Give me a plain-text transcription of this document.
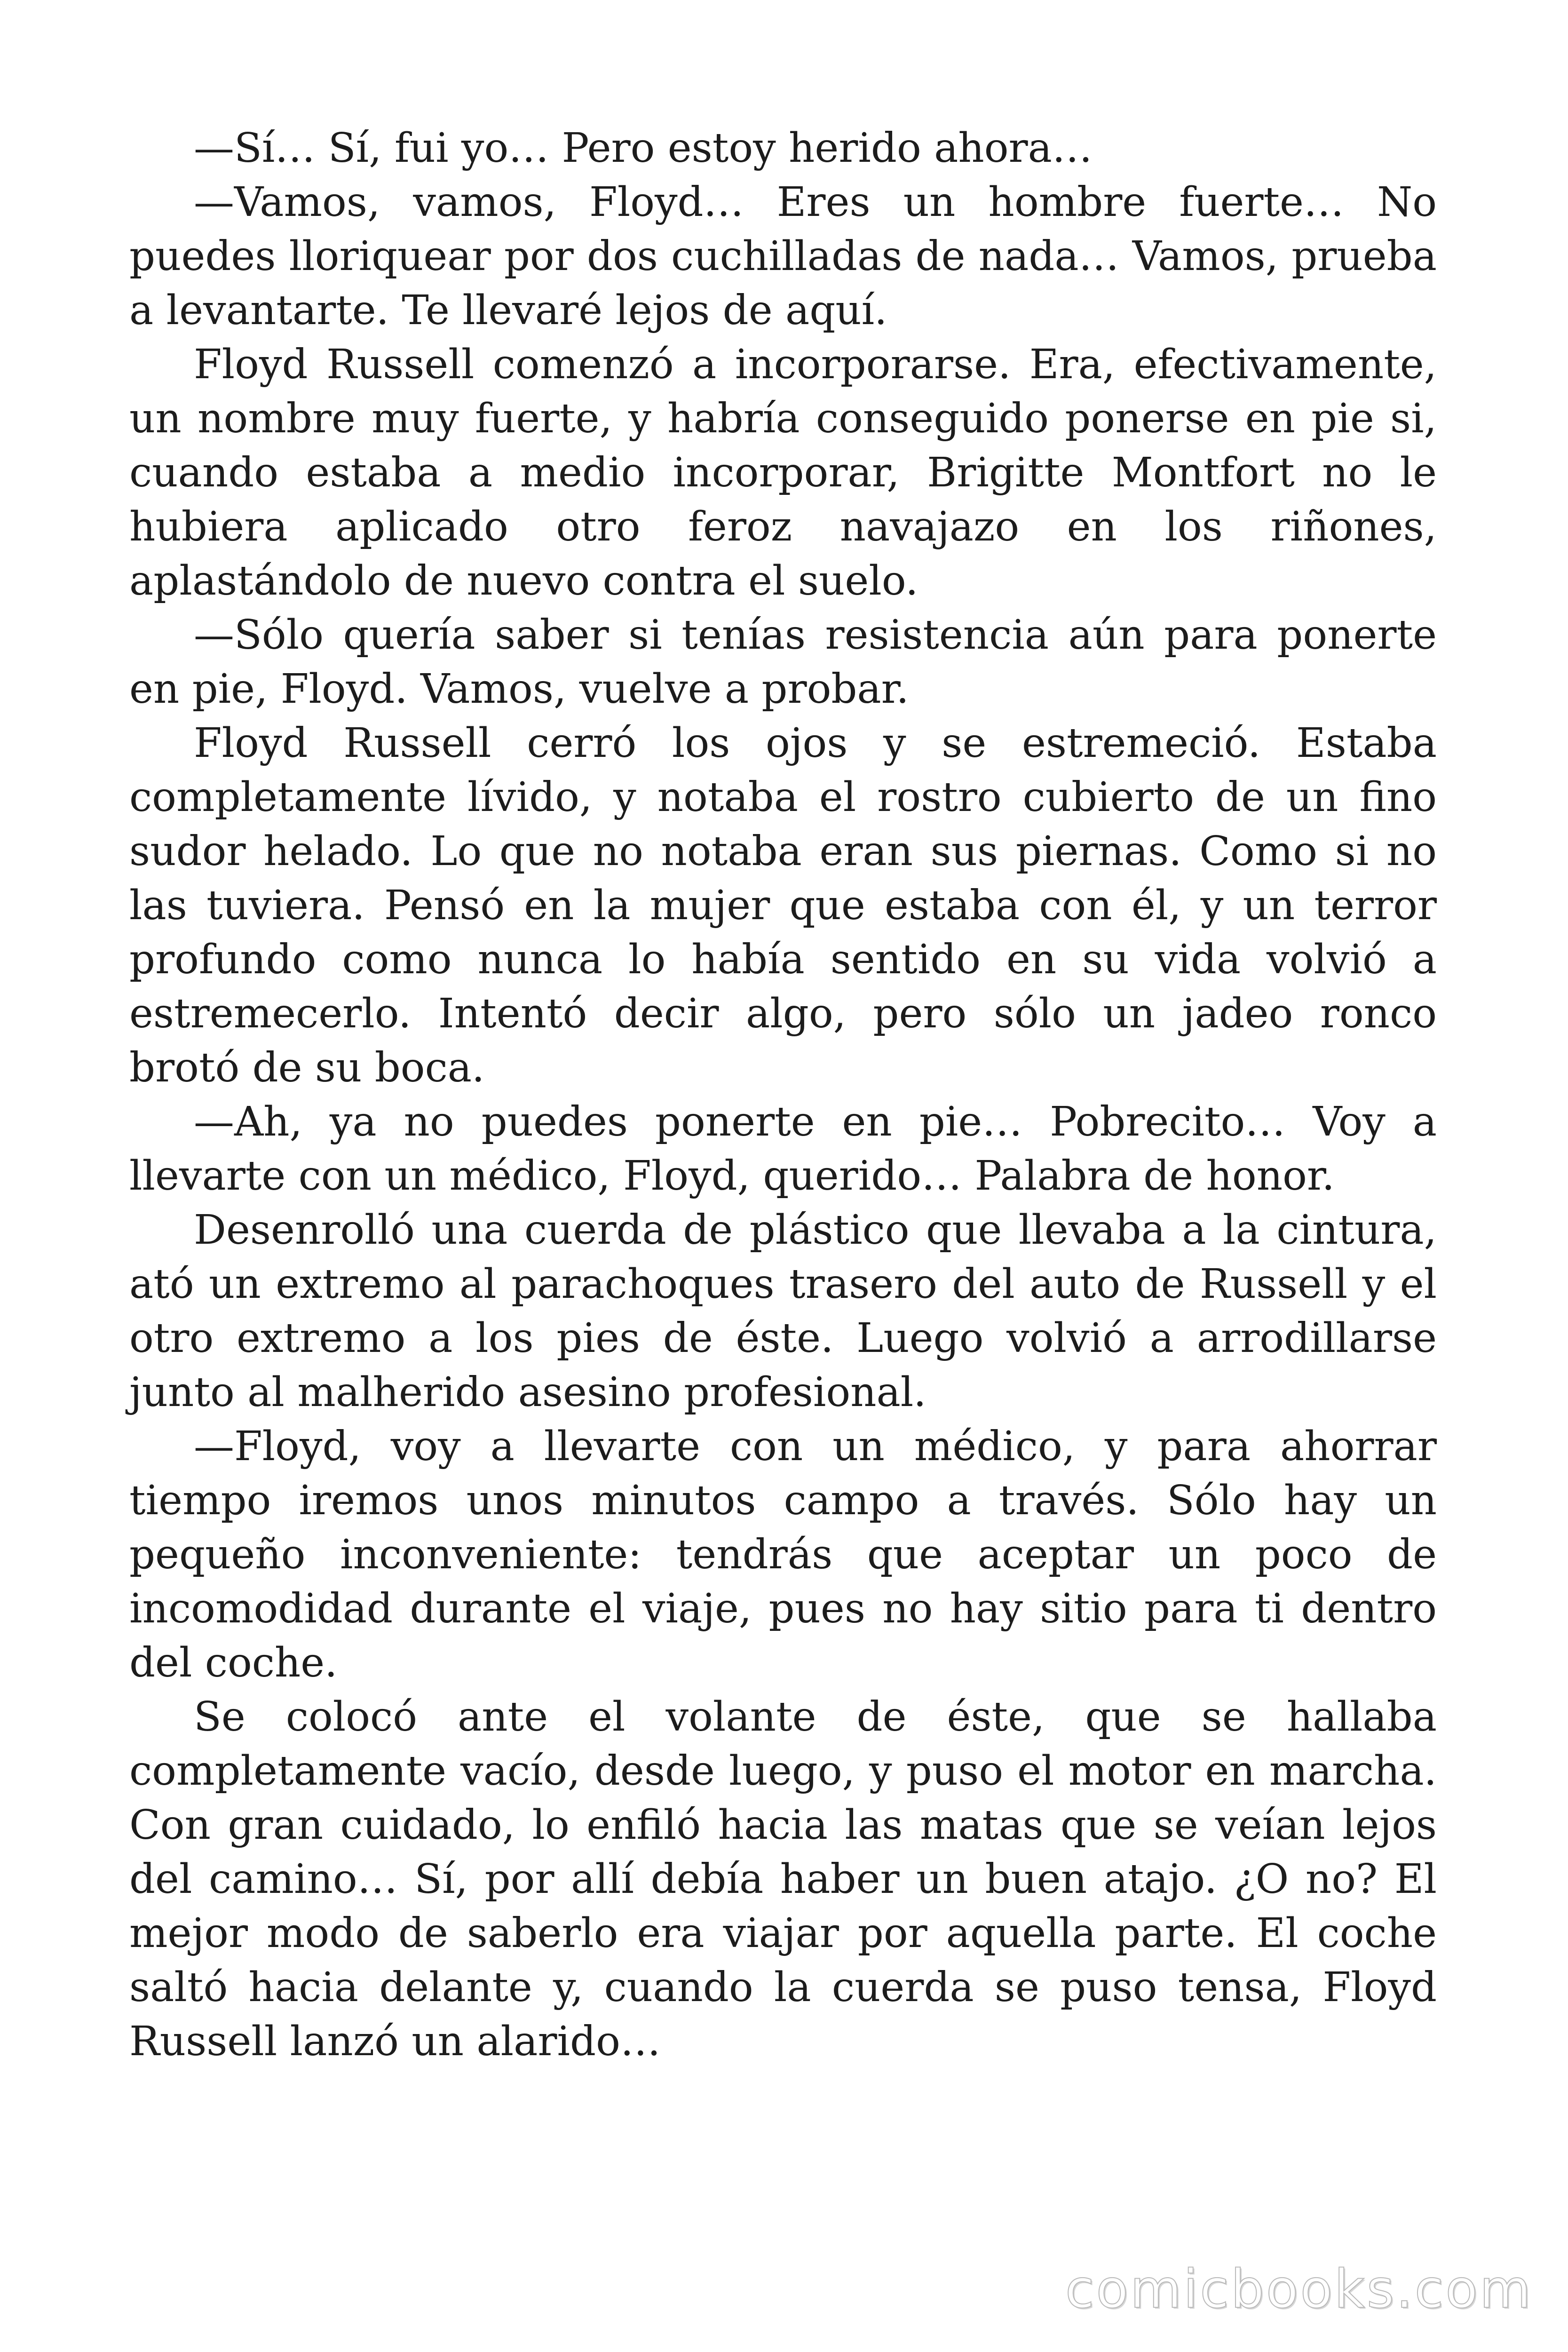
—Sí… Sí, fui yo… Pero estoy herido ahora…

—Vamos, vamos, Floyd… Eres un hombre fuerte… No puedes lloriquear por dos cuchilladas de nada… Vamos, prueba a levantarte. Te llevaré lejos de aquí.

Floyd Russell comenzó a incorporarse. Era, efectivamente, un nombre muy fuerte, y habría conseguido ponerse en pie si, cuando estaba a medio incorporar, Brigitte Montfort no le hubiera aplicado otro feroz navajazo en los riñones, aplastándolo de nuevo contra el suelo.

—Sólo quería saber si tenías resistencia aún para ponerte en pie, Floyd. Vamos, vuelve a probar.

Floyd Russell cerró los ojos y se estremeció. Estaba completamente lívido, y notaba el rostro cubierto de un fino sudor helado. Lo que no notaba eran sus piernas. Como si no las tuviera. Pensó en la mujer que estaba con él, y un terror profundo como nunca lo había sentido en su vida volvió a estremecerlo. Intentó decir algo, pero sólo un jadeo ronco brotó de su boca.

—Ah, ya no puedes ponerte en pie… Pobrecito… Voy a llevarte con un médico, Floyd, querido… Palabra de honor.

Desenrolló una cuerda de plástico que llevaba a la cintura, ató un extremo al parachoques trasero del auto de Russell y el otro extremo a los pies de éste. Luego volvió a arrodillarse junto al malherido asesino profesional.

—Floyd, voy a llevarte con un médico, y para ahorrar tiempo iremos unos minutos campo a través. Sólo hay un pequeño inconveniente: tendrás que aceptar un poco de incomodidad durante el viaje, pues no hay sitio para ti dentro del coche.

Se colocó ante el volante de éste, que se hallaba completamente vacío, desde luego, y puso el motor en marcha. Con gran cuidado, lo enfiló hacia las matas que se veían lejos del camino… Sí, por allí debía haber un buen atajo. ¿O no? El mejor modo de saberlo era viajar por aquella parte. El coche saltó hacia delante y, cuando la cuerda se puso tensa, Floyd Russell lanzó un alarido…

comicbooks.com
